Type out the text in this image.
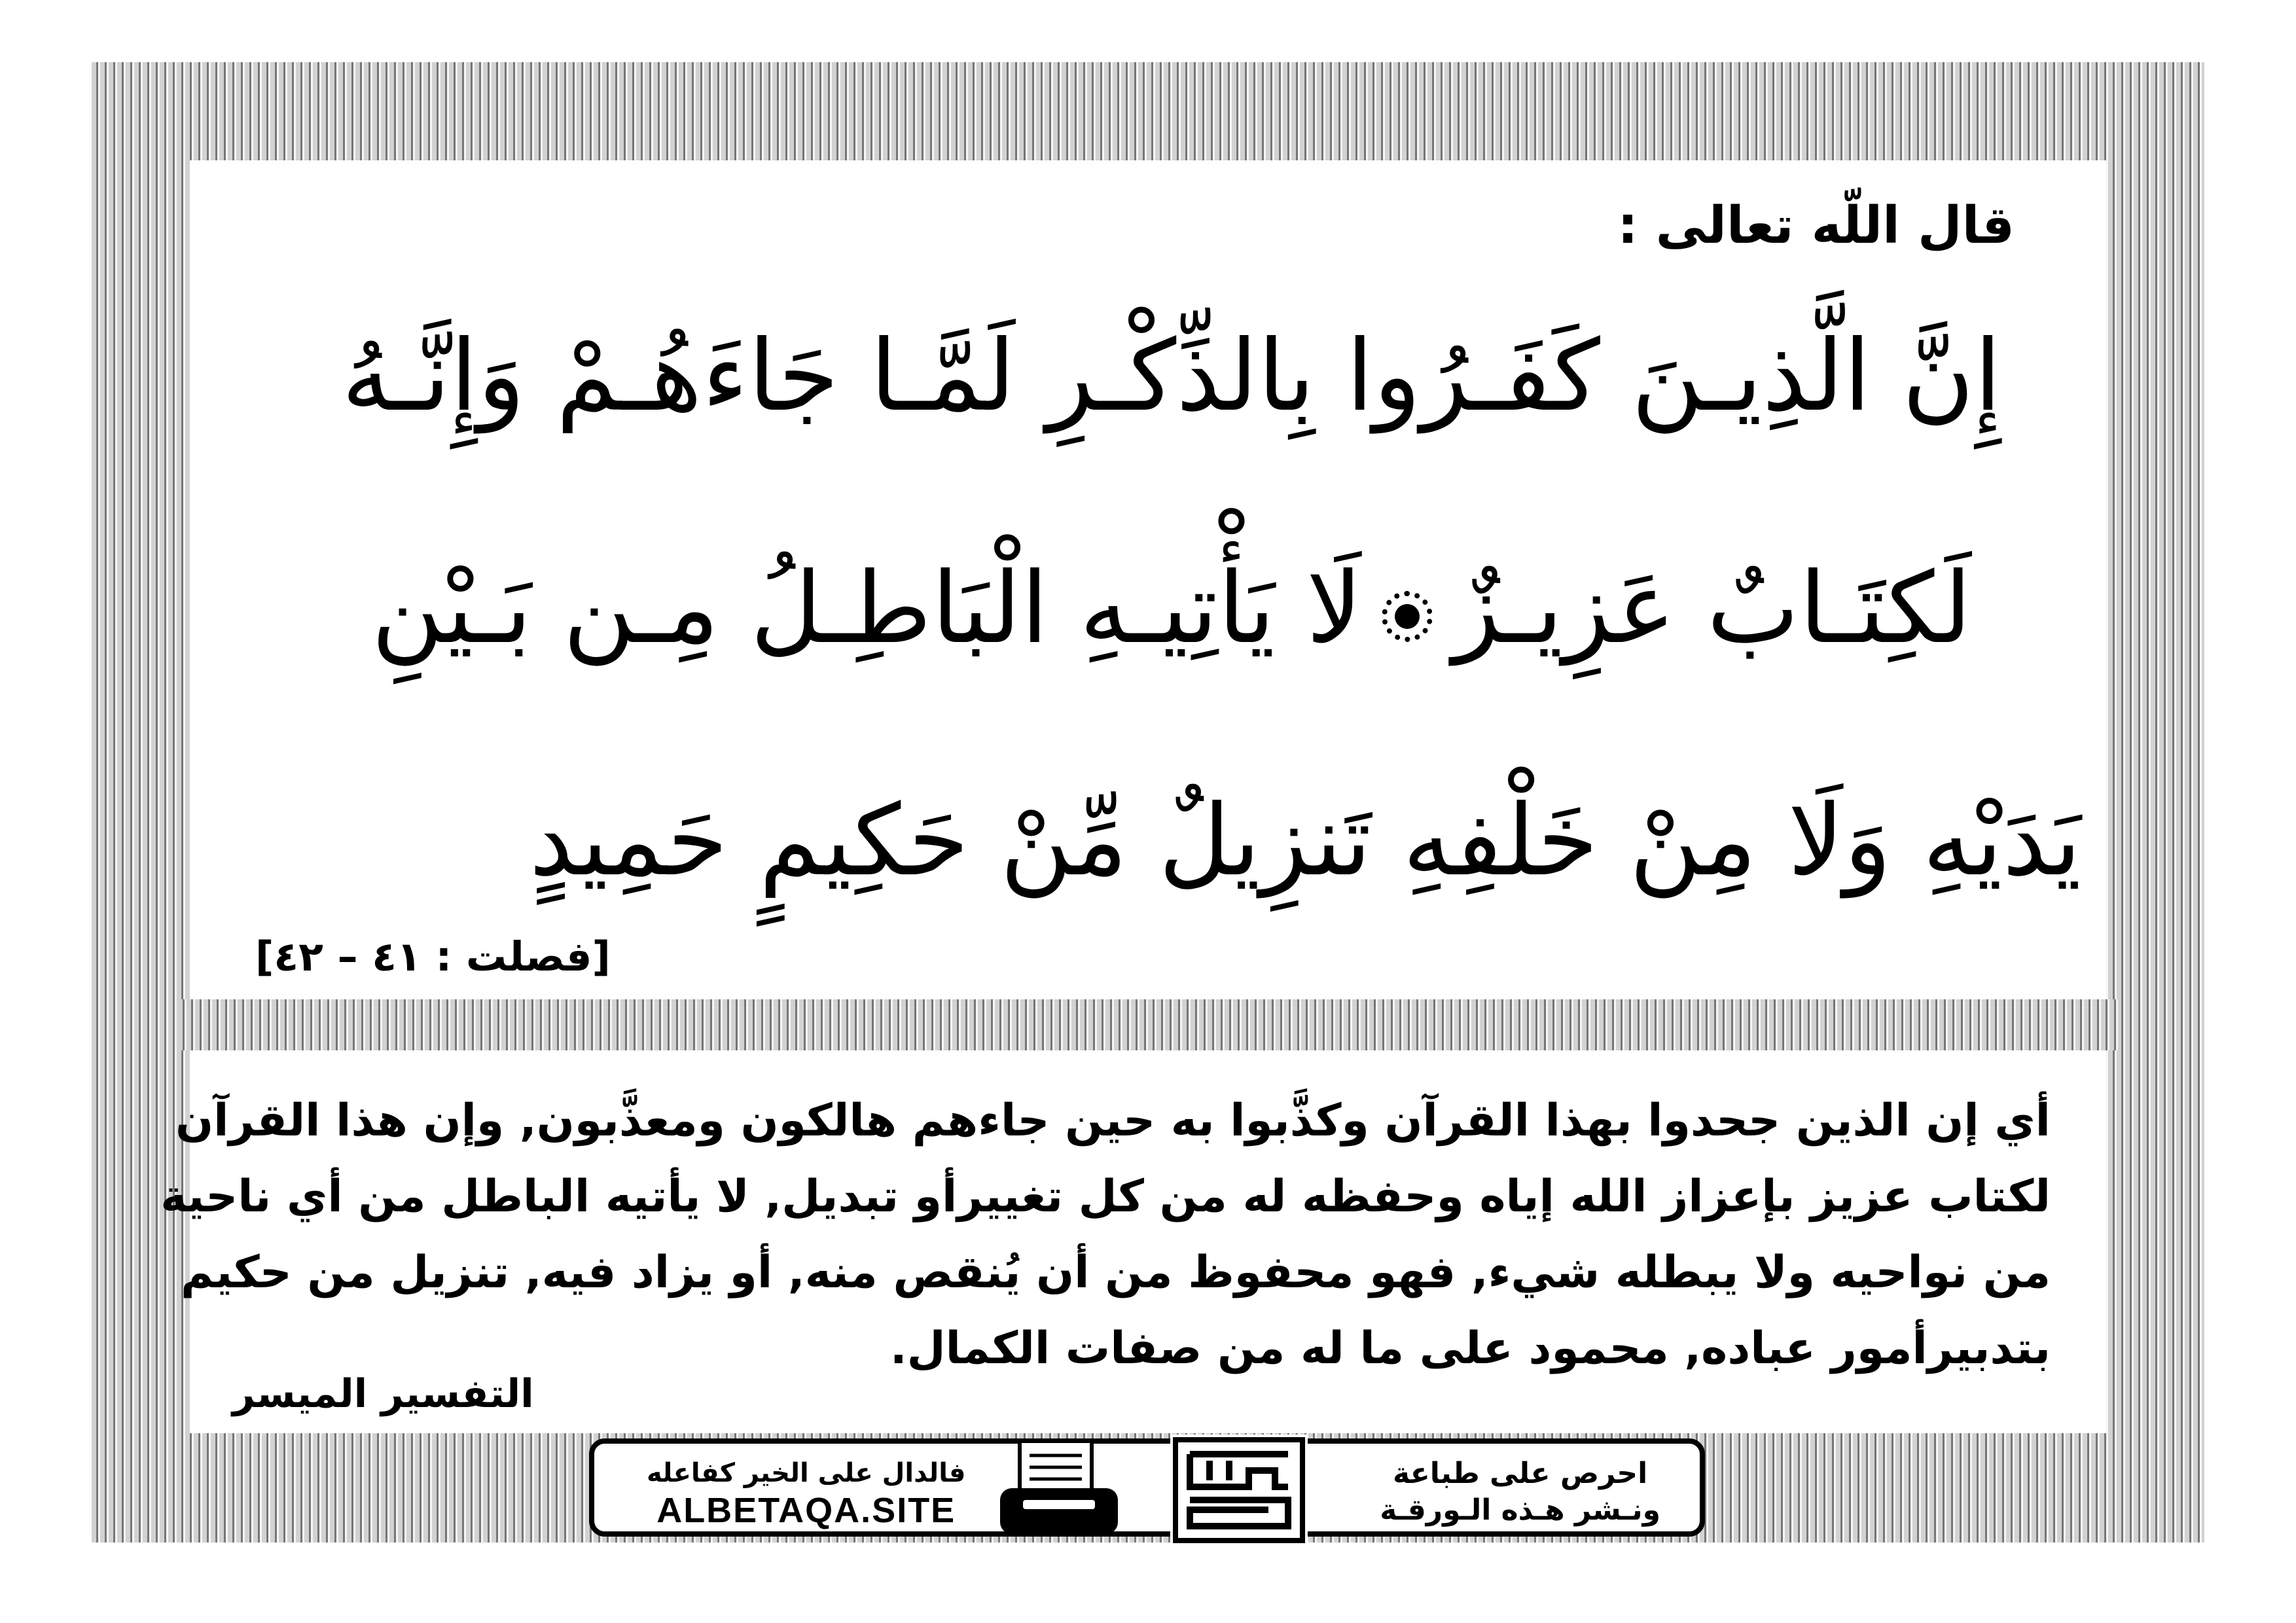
قال اللّه تعالى :
إِنَّ الَّذِيـنَ كَفَـرُوا بِالذِّكْـرِ لَمَّـا جَاءَهُـمْ وَإِنَّـهُ
لَكِتَـابٌ عَزِيـزٌ
لَا يَأْتِيـهِ الْبَاطِـلُ مِـن بَـيْنِ
يَدَيْهِ وَلَا مِنْ خَلْفِهِ تَنزِيلٌ مِّنْ حَكِيمٍ حَمِيدٍ
[فصلت : ٤١ – ٤٢]
أي إن الذين جحدوا بهذا القرآن وكذَّبوا به حين جاءهم هالكون ومعذَّبون, وإن هذا القرآن
لكتاب عزيز بإعزاز الله إياه وحفظه له من كل تغييرأو تبديل, لا يأتيه الباطل من أي ناحية
من نواحيه ولا يبطله شيء, فهو محفوظ من أن يُنقص منه, أو يزاد فيه, تنزيل من حكيم
بتدبيرأمور عباده, محمود على ما له من صفات الكمال.
التفسير الميسر
احرص على طباعة
ونـشر هـذه الـورقـة
فالدال على الخير كفاعله
ALBETAQA.SITE
